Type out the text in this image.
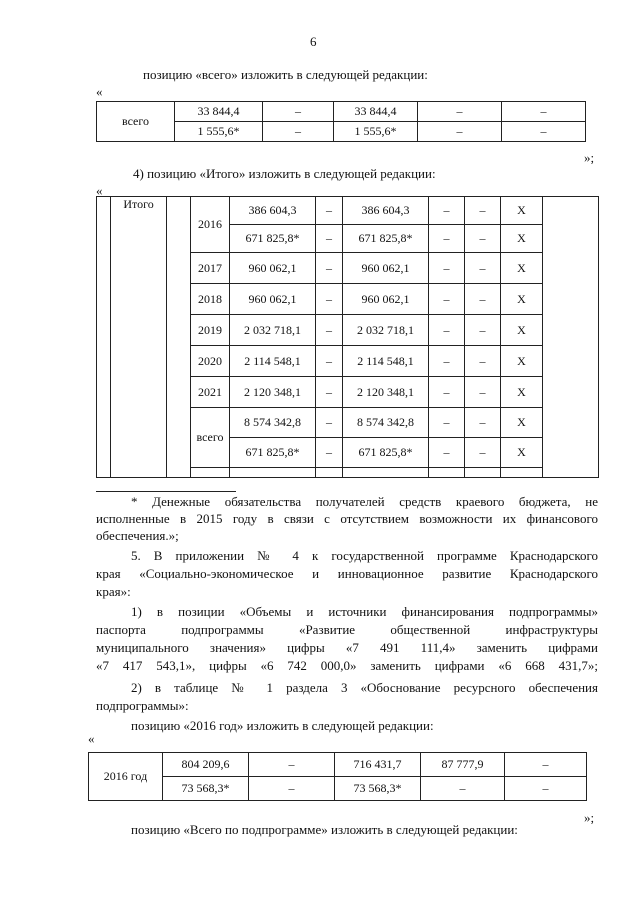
6
позицию «всего» изложить в следующей редакции:
«
всего	33 844,4	–	33 844,4	–	–
	1 555,6*	–	1 555,6*	–	–
»;
4) позицию «Итого» изложить в следующей редакции:
«
	Итого		2016	386 604,3	–	386 604,3	–	–	X		
				671 825,8*	–	671 825,8*	–	–	X		
			2017	960 062,1	–	960 062,1	–	–	X		
			2018	960 062,1	–	960 062,1	–	–	X		
			2019	2 032 718,1	–	2 032 718,1	–	–	X		
			2020	2 114 548,1	–	2 114 548,1	–	–	X		
			2021	2 120 348,1	–	2 120 348,1	–	–	X		
			всего	8 574 342,8	–	8 574 342,8	–	–	X		
				671 825,8*	–	671 825,8*	–	–	X		

* Денежные обязательства получателей средств краевого бюджета, не
исполненные в 2015 году в связи с отсутствием возможности их финансового
обеспечения.»;
5. В приложении № 4 к государственной программе Краснодарского
края «Социально-экономическое и инновационное развитие Краснодарского
края»:
1) в позиции «Объемы и источники финансирования подпрограммы»
паспорта подпрограммы «Развитие общественной инфраструктуры
муниципального значения» цифры «7 491 111,4» заменить цифрами
«7 417 543,1», цифры «6 742 000,0» заменить цифрами «6 668 431,7»;
2) в таблице № 1 раздела 3 «Обоснование ресурсного обеспечения
подпрограммы»:
позицию «2016 год» изложить в следующей редакции:
«
2016 год	804 209,6	–	716 431,7	87 777,9	–
	73 568,3*	–	73 568,3*	–	–
»;
позицию «Всего по подпрограмме» изложить в следующей редакции:
